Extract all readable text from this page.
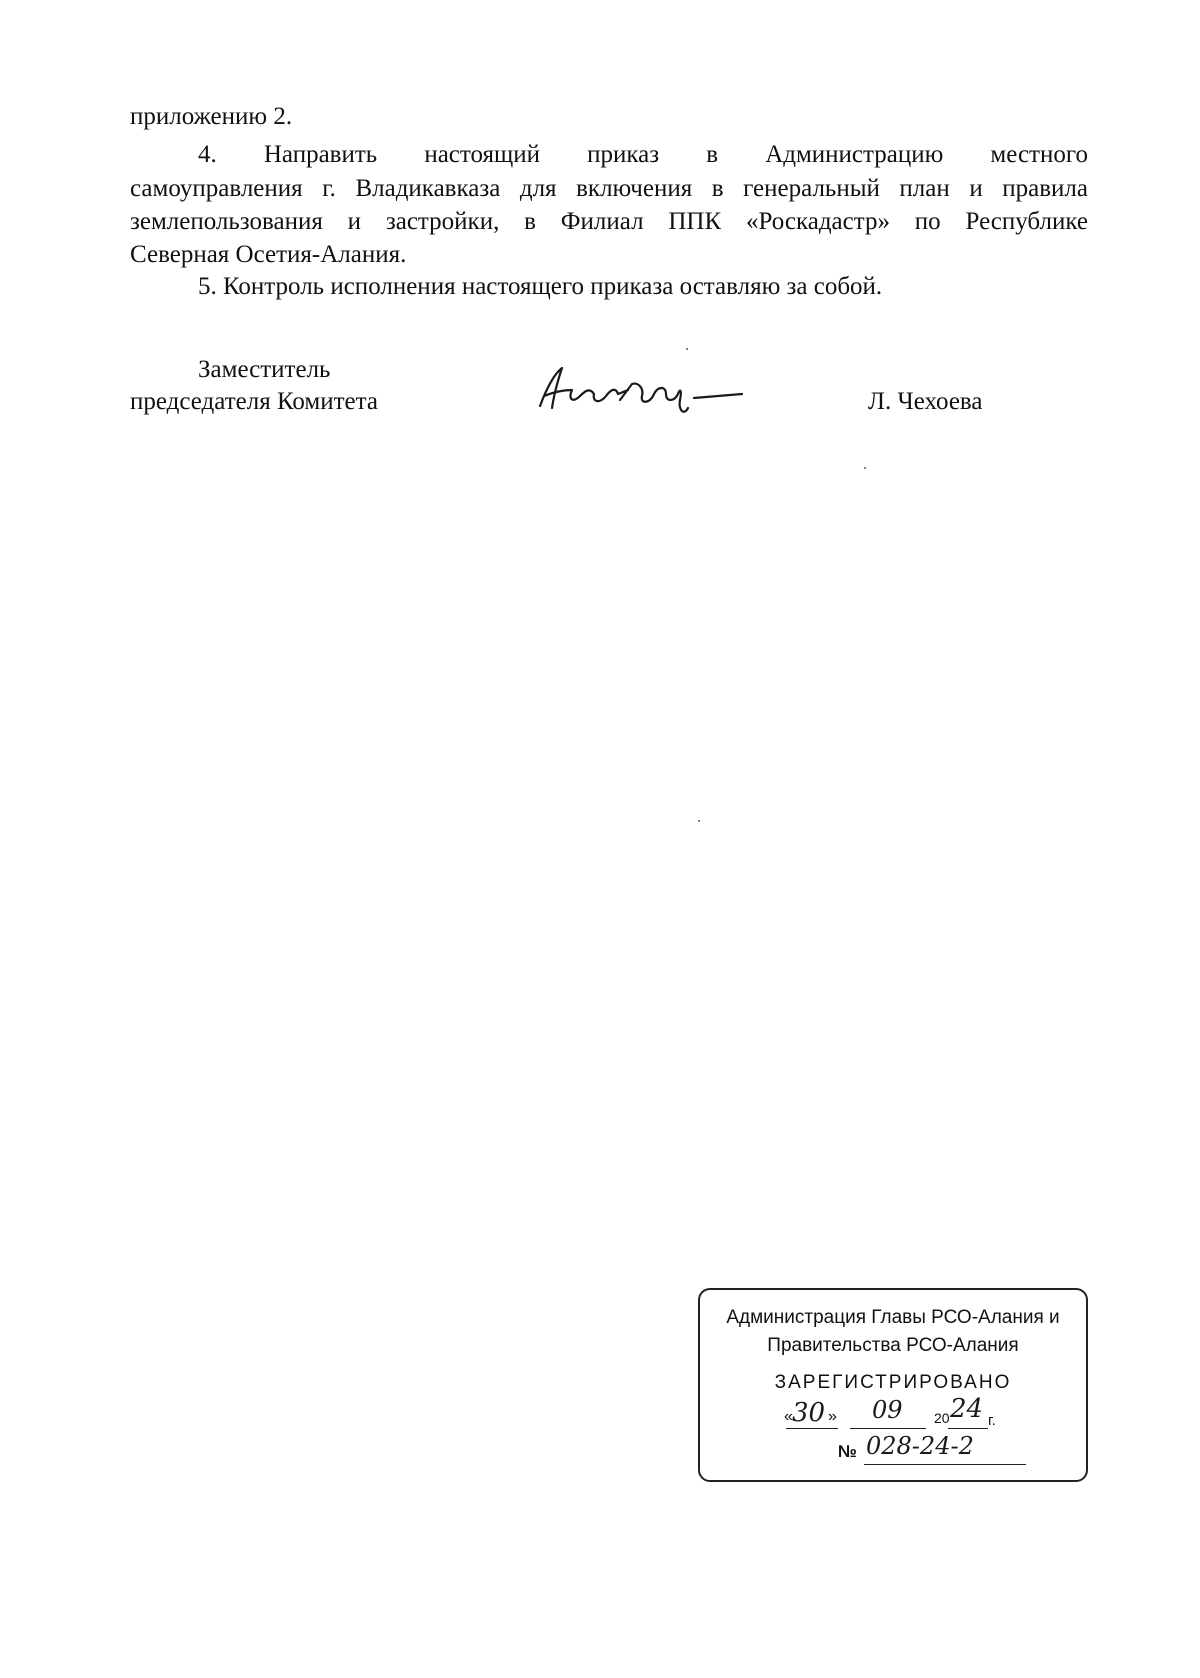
приложению 2.
4. Направить настоящий приказ в Администрацию местного
самоуправления г. Владикавказа для включения в генеральный план и правила
землепользования и застройки, в Филиал ППК «Роскадастр» по Республике
Северная Осетия-Алания.
5. Контроль исполнения настоящего приказа оставляю за собой.
Заместитель
председателя Комитета	Л. Чехоева
Администрация Главы РСО-Алания и
Правительства РСО-Алания
ЗАРЕГИСТРИРОВАНО
« 30 » 09 20 24 г.
№ 028-24-2
